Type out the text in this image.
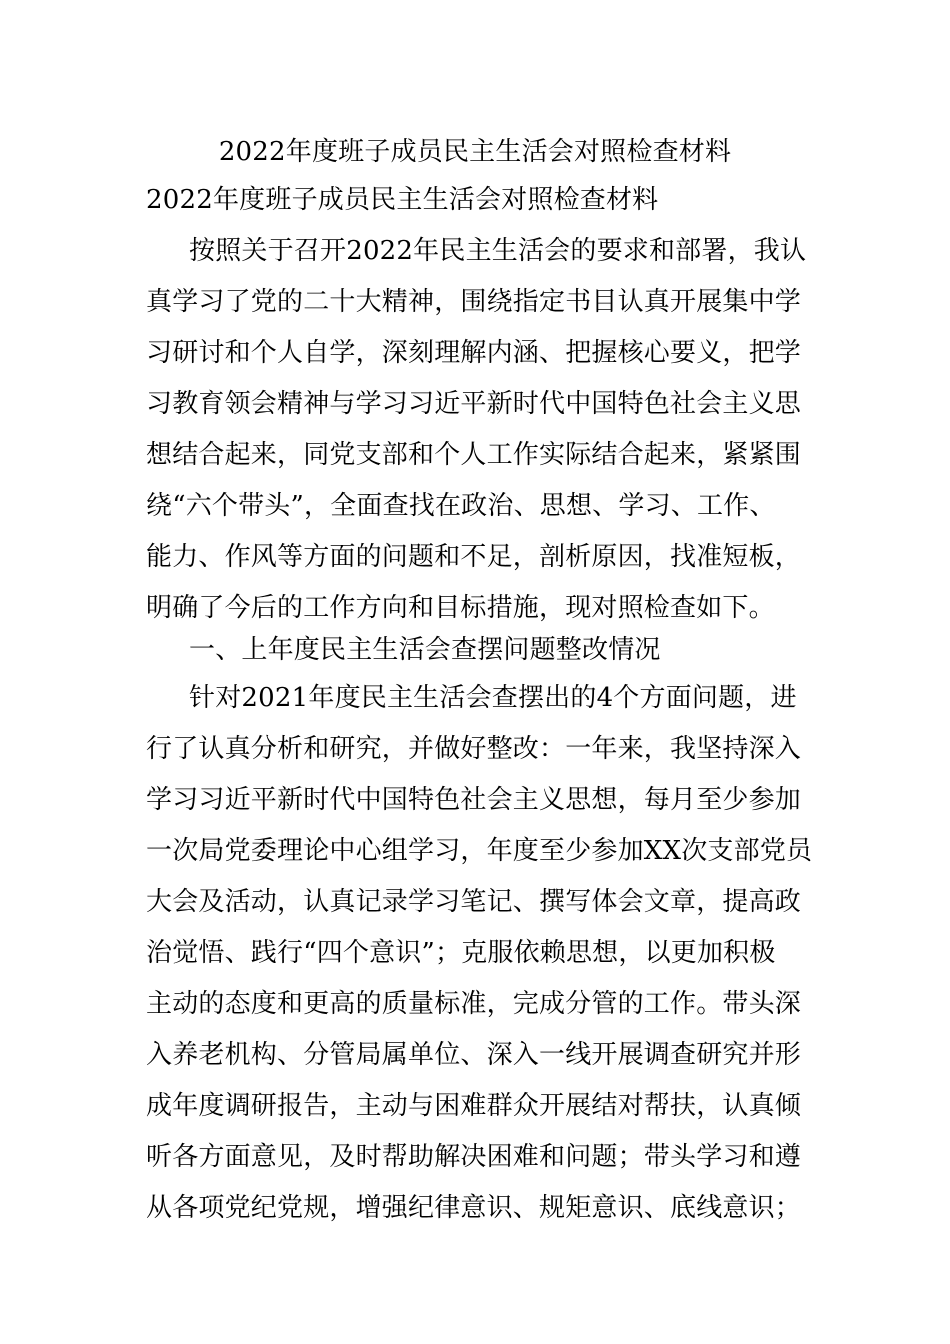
2022年度班子成员民主生活会对照检查材料
2022年度班子成员民主生活会对照检查材料
按照关于召开2022年民主生活会的要求和部署，我认
真学习了党的二十大精神，围绕指定书目认真开展集中学
习研讨和个人自学，深刻理解内涵、把握核心要义，把学
习教育领会精神与学习习近平新时代中国特色社会主义思
想结合起来，同党支部和个人工作实际结合起来，紧紧围
绕“六个带头”，全面查找在政治、思想、学习、工作、
能力、作风等方面的问题和不足，剖析原因，找准短板，
明确了今后的工作方向和目标措施，现对照检查如下。
一、上年度民主生活会查摆问题整改情况
针对2021年度民主生活会查摆出的4个方面问题，进
行了认真分析和研究，并做好整改：一年来，我坚持深入
学习习近平新时代中国特色社会主义思想，每月至少参加
一次局党委理论中心组学习，年度至少参加XX次支部党员
大会及活动，认真记录学习笔记、撰写体会文章，提高政
治觉悟、践行“四个意识”；克服依赖思想，以更加积极
主动的态度和更高的质量标准，完成分管的工作。带头深
入养老机构、分管局属单位、深入一线开展调查研究并形
成年度调研报告，主动与困难群众开展结对帮扶，认真倾
听各方面意见，及时帮助解决困难和问题；带头学习和遵
从各项党纪党规，增强纪律意识、规矩意识、底线意识；
